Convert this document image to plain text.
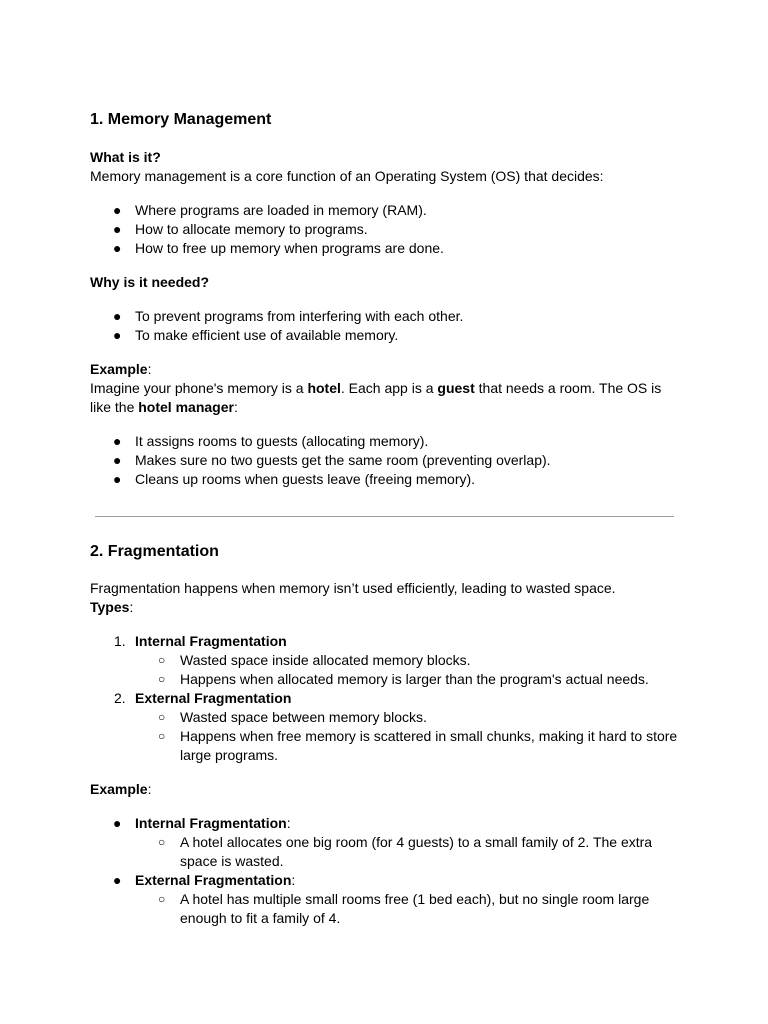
1. Memory Management
What is it?
Memory management is a core function of an Operating System (OS) that decides:
● Where programs are loaded in memory (RAM).
● How to allocate memory to programs.
● How to free up memory when programs are done.
Why is it needed?
● To prevent programs from interfering with each other.
● To make efficient use of available memory.
Example:
Imagine your phone's memory is a hotel. Each app is a guest that needs a room. The OS is like the hotel manager:
● It assigns rooms to guests (allocating memory).
● Makes sure no two guests get the same room (preventing overlap).
● Cleans up rooms when guests leave (freeing memory).
2. Fragmentation
Fragmentation happens when memory isn’t used efficiently, leading to wasted space.
Types:
1. Internal Fragmentation
○ Wasted space inside allocated memory blocks.
○ Happens when allocated memory is larger than the program's actual needs.
2. External Fragmentation
○ Wasted space between memory blocks.
○ Happens when free memory is scattered in small chunks, making it hard to store large programs.
Example:
● Internal Fragmentation:
○ A hotel allocates one big room (for 4 guests) to a small family of 2. The extra space is wasted.
● External Fragmentation:
○ A hotel has multiple small rooms free (1 bed each), but no single room large enough to fit a family of 4.
